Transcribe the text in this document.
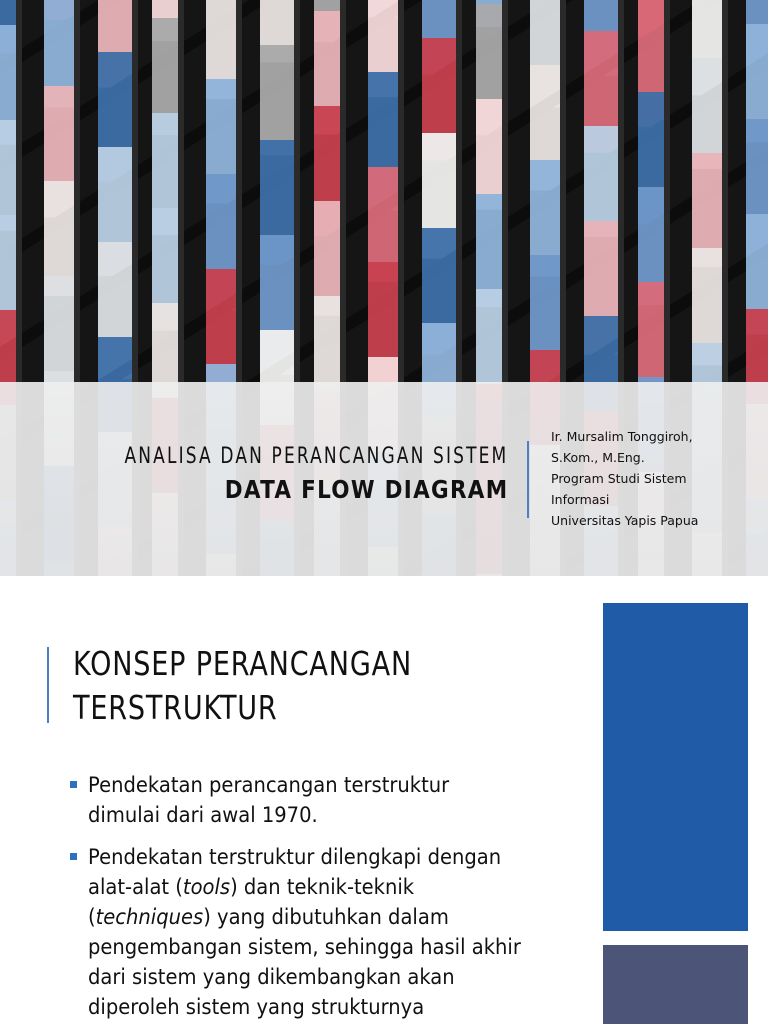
ANALISA DAN PERANCANGAN SISTEM
DATA FLOW DIAGRAM
Ir. Mursalim Tonggiroh,
S.Kom., M.Eng.
Program Studi Sistem
Informasi
Universitas Yapis Papua
KONSEP PERANCANGAN
TERSTRUKTUR
Pendekatan perancangan terstruktur
dimulai dari awal 1970.
Pendekatan terstruktur dilengkapi dengan
alat-alat (tools) dan teknik-teknik
(techniques) yang dibutuhkan dalam
pengembangan sistem, sehingga hasil akhir
dari sistem yang dikembangkan akan
diperoleh sistem yang strukturnya
